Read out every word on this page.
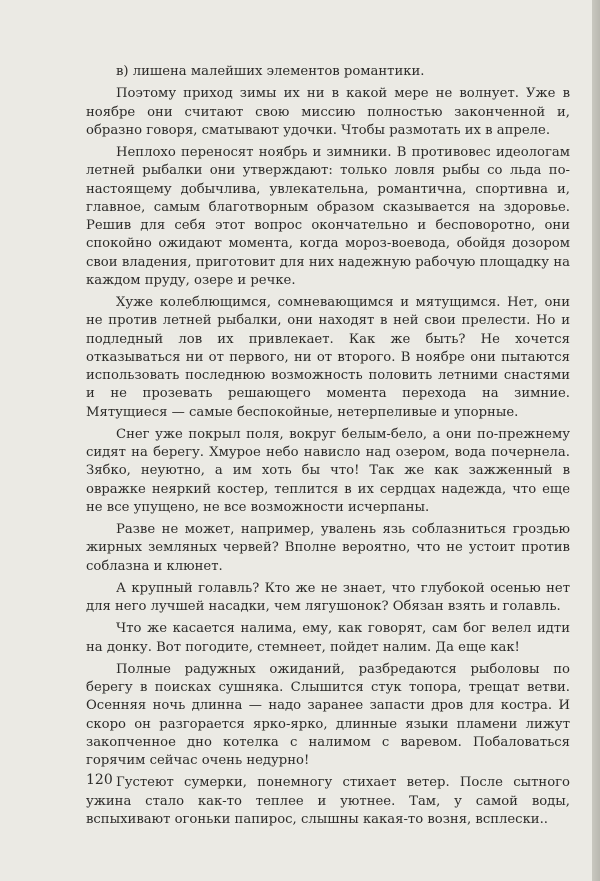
в) лишена малейших элементов романтики.

Поэтому приход зимы их ни в какой мере не волнует. Уже в ноябре они считают свою миссию полностью законченной и, образно говоря, сматывают удочки. Чтобы размотать их в апреле.

Неплохо переносят ноябрь и зимники. В противовес идеологам летней рыбалки они утверждают: только ловля рыбы со льда по-настоящему добычлива, увлекательна, романтична, спортивна и, главное, самым благотворным образом сказывается на здоровье. Решив для себя этот вопрос окончательно и бесповоротно, они спокойно ожидают момента, когда мороз-воевода, обойдя дозором свои владения, приготовит для них надежную рабочую площадку на каждом пруду, озере и речке.

Хуже колеблющимся, сомневающимся и мятущимся. Нет, они не против летней рыбалки, они находят в ней свои прелести. Но и подледный лов их привлекает. Как же быть? Не хочется отказываться ни от первого, ни от второго. В ноябре они пытаются использовать последнюю возможность половить летними снастями и не прозевать решающего момента перехода на зимние. Мятущиеся — самые беспокойные, нетерпеливые и упорные.

Снег уже покрыл поля, вокруг белым-бело, а они по-прежнему сидят на берегу. Хмурое небо нависло над озером, вода почернела. Зябко, неуютно, а им хоть бы что! Так же как зажженный в овражке неяркий костер, теплится в их сердцах надежда, что еще не все упущено, не все возможности исчерпаны.

Разве не может, например, увалень язь соблазниться гроздью жирных земляных червей? Вполне вероятно, что не устоит против соблазна и клюнет.

А крупный голавль? Кто же не знает, что глубокой осенью нет для него лучшей насадки, чем лягушонок? Обязан взять и голавль.

Что же касается налима, ему, как говорят, сам бог велел идти на донку. Вот погодите, стемнеет, пойдет налим. Да еще как!

Полные радужных ожиданий, разбредаются рыболовы по берегу в поисках сушняка. Слышится стук топора, трещат ветви. Осенняя ночь длинна — надо заранее запасти дров для костра. И скоро он разгорается ярко-ярко, длинные языки пламени лижут закопченное дно котелка с налимом с варевом. Побаловаться горячим сейчас очень недурно!

Густеют сумерки, понемногу стихает ветер. После сытного ужина стало как-то теплее и уютнее. Там, у самой воды, вспыхивают огоньки папирос, слышны какая-то возня, всплески..

120
